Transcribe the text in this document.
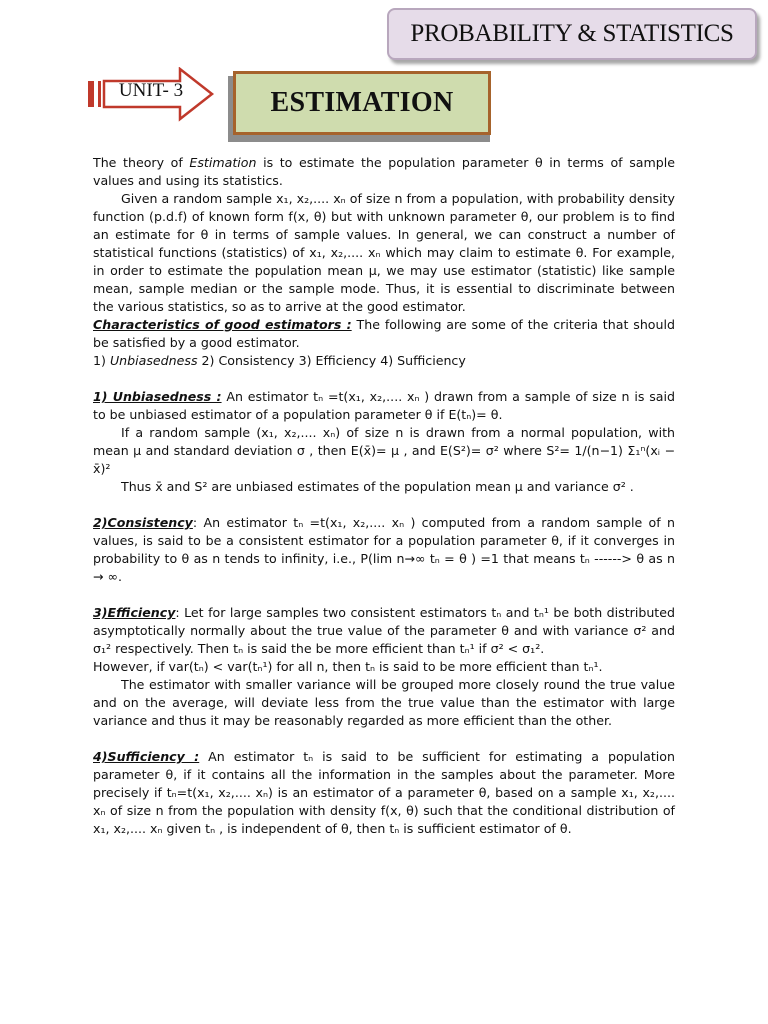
PROBABILITY & STATISTICS
UNIT- 3	ESTIMATION

The theory of Estimation is to estimate the population parameter θ in terms of sample values and using its statistics.

Given a random sample x₁, x₂,.... xₙ of size n from a population, with probability density function (p.d.f) of known form f(x, θ) but with unknown parameter θ, our problem is to find an estimate for θ in terms of sample values. In general, we can construct a number of statistical functions (statistics) of x₁, x₂,.... xₙ which may claim to estimate θ. For example, in order to estimate the population mean μ, we may use estimator (statistic) like sample mean, sample median or the sample mode. Thus, it is essential to discriminate between the various statistics, so as to arrive at the good estimator.

Characteristics of good estimators : The following are some of the criteria that should be satisfied by a good estimator.

1) Unbiasedness 2) Consistency 3) Efficiency 4) Sufficiency

1) Unbiasedness : An estimator tₙ =t(x₁, x₂,.... xₙ ) drawn from a sample of size n is said to be unbiased estimator of a population parameter θ if E(tₙ)= θ.

If a random sample (x₁, x₂,.... xₙ) of size n is drawn from a normal population, with mean μ and standard deviation σ , then E(x̄)= μ , and E(S²)= σ² where S²= 1/(n−1) Σ₁ⁿ(xᵢ − x̄)²

Thus x̄ and S² are unbiased estimates of the population mean μ and variance σ² .

2)Consistency: An estimator tₙ =t(x₁, x₂,.... xₙ ) computed from a random sample of n values, is said to be a consistent estimator for a population parameter θ, if it converges in probability to θ as n tends to infinity, i.e., P(lim n→∞ tₙ = θ ) =1 that means tₙ ------> θ as n → ∞.

3)Efficiency: Let for large samples two consistent estimators tₙ and tₙ¹ be both distributed asymptotically normally about the true value of the parameter θ and with variance σ² and σ₁² respectively. Then tₙ is said the be more efficient than tₙ¹ if σ² < σ₁².

However, if var(tₙ) < var(tₙ¹) for all n, then tₙ is said to be more efficient than tₙ¹.

The estimator with smaller variance will be grouped more closely round the true value and on the average, will deviate less from the true value than the estimator with large variance and thus it may be reasonably regarded as more efficient than the other.

4)Sufficiency : An estimator tₙ is said to be sufficient for estimating a population parameter θ, if it contains all the information in the samples about the parameter. More precisely if tₙ=t(x₁, x₂,.... xₙ) is an estimator of a parameter θ, based on a sample x₁, x₂,.... xₙ of size n from the population with density f(x, θ) such that the conditional distribution of x₁, x₂,.... xₙ given tₙ , is independent of θ, then tₙ is sufficient estimator of θ.
